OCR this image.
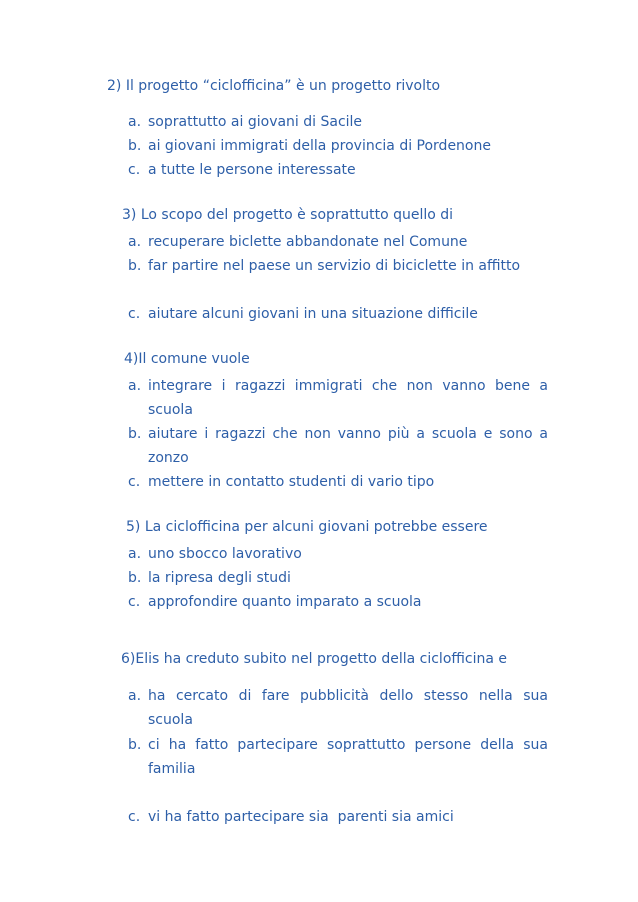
2) Il progetto “ciclofficina” è un progetto rivolto
a. soprattutto ai giovani di Sacile
b. ai giovani immigrati della provincia di Pordenone
c. a tutte le persone interessate
3) Lo scopo del progetto è soprattutto quello di
a. recuperare biclette abbandonate nel Comune
b. far partire nel paese un servizio di biciclette in affitto
c. aiutare alcuni giovani in una situazione difficile
4)Il comune vuole
a. integrare i ragazzi immigrati che non vanno bene a scuola
b. aiutare i ragazzi che non vanno più a scuola e sono a zonzo
c. mettere in contatto studenti di vario tipo
5) La ciclofficina per alcuni giovani potrebbe essere
a. uno sbocco lavorativo
b. la ripresa degli studi
c. approfondire quanto imparato a scuola
6)Elis ha creduto subito nel progetto della ciclofficina e
a. ha cercato di fare pubblicità dello stesso nella sua scuola
b. ci ha fatto partecipare soprattutto persone della sua familia
c. vi ha fatto partecipare sia  parenti sia amici
